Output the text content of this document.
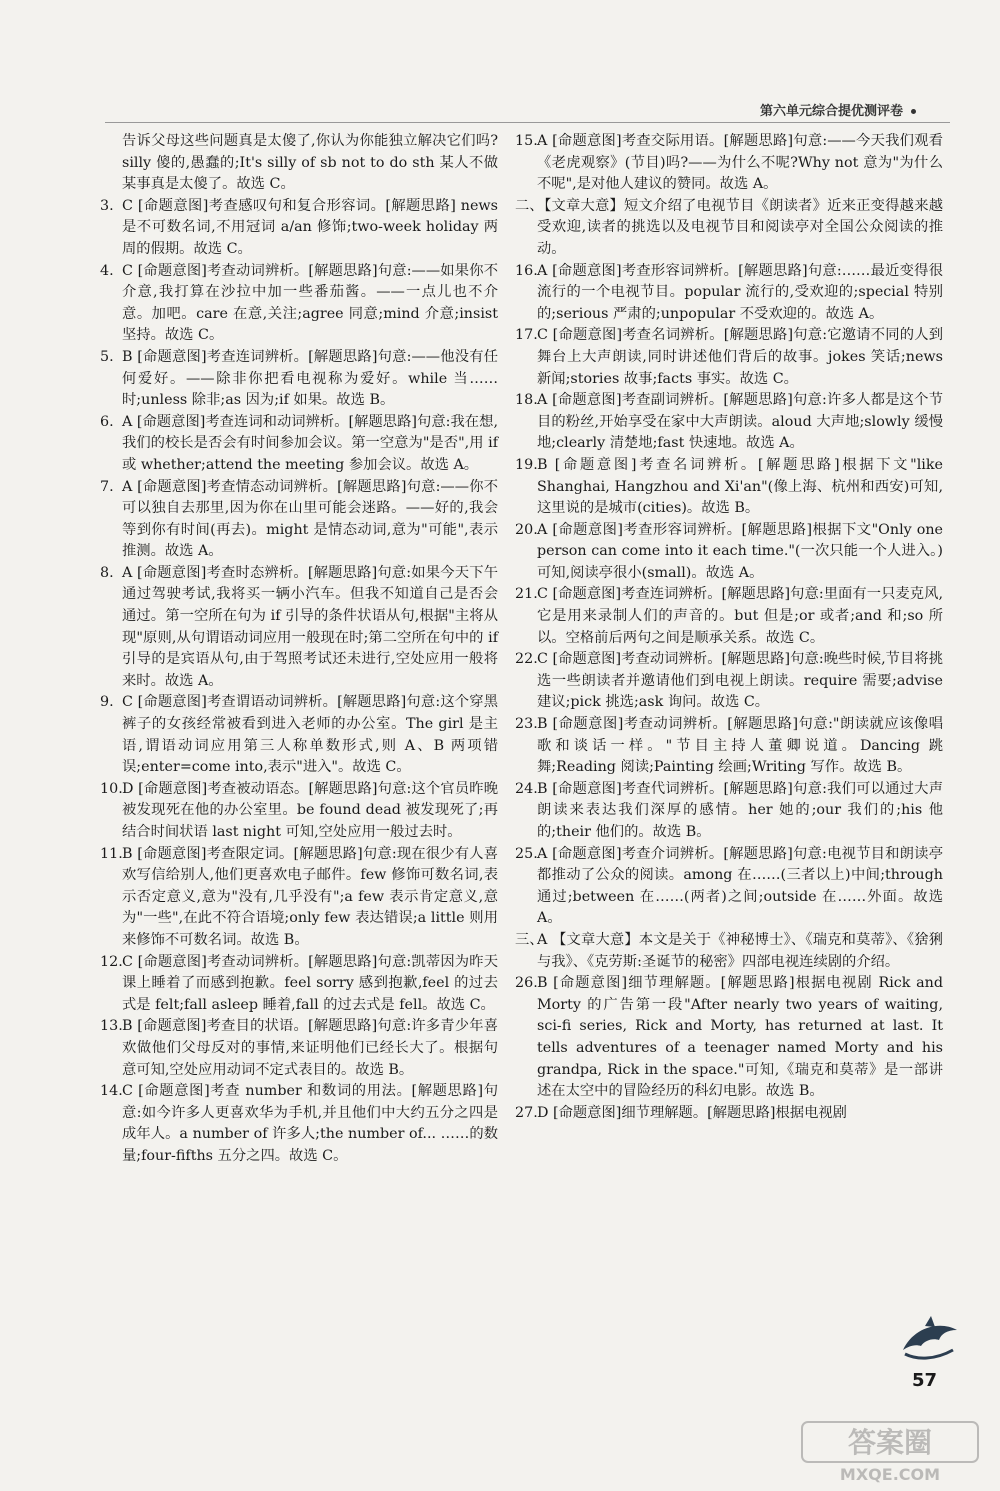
第六单元综合提优测评卷
告诉父母这些问题真是太傻了,你认为你能独立解决它们吗?silly 傻的,愚蠢的;It's silly of sb not to do sth 某人不做某事真是太傻了。故选 C。
3. C [命题意图]考查感叹句和复合形容词。[解题思路] news 是不可数名词,不用冠词 a/an 修饰;two-week holiday 两周的假期。故选 C。
4. C [命题意图]考查动词辨析。[解题思路]句意:——如果你不介意,我打算在沙拉中加一些番茄酱。——一点儿也不介意。加吧。care 在意,关注;agree 同意;mind 介意;insist 坚持。故选 C。
5. B [命题意图]考查连词辨析。[解题思路]句意:——他没有任何爱好。——除非你把看电视称为爱好。while 当……时;unless 除非;as 因为;if 如果。故选 B。
6. A [命题意图]考查连词和动词辨析。[解题思路]句意:我在想,我们的校长是否会有时间参加会议。第一空意为"是否",用 if 或 whether;attend the meeting 参加会议。故选 A。
7. A [命题意图]考查情态动词辨析。[解题思路]句意:——你不可以独自去那里,因为你在山里可能会迷路。——好的,我会等到你有时间(再去)。might 是情态动词,意为"可能",表示推测。故选 A。
8. A [命题意图]考查时态辨析。[解题思路]句意:如果今天下午通过驾驶考试,我将买一辆小汽车。但我不知道自己是否会通过。第一空所在句为 if 引导的条件状语从句,根据"主将从现"原则,从句谓语动词应用一般现在时;第二空所在句中的 if 引导的是宾语从句,由于驾照考试还未进行,空处应用一般将来时。故选 A。
9. C [命题意图]考查谓语动词辨析。[解题思路]句意:这个穿黑裤子的女孩经常被看到进入老师的办公室。The girl 是主语,谓语动词应用第三人称单数形式,则 A、B 两项错误;enter=come into,表示"进入"。故选 C。
10. D [命题意图]考查被动语态。[解题思路]句意:这个官员昨晚被发现死在他的办公室里。be found dead 被发现死了;再结合时间状语 last night 可知,空处应用一般过去时。
11. B [命题意图]考查限定词。[解题思路]句意:现在很少有人喜欢写信给别人,他们更喜欢电子邮件。few 修饰可数名词,表示否定意义,意为"没有,几乎没有";a few 表示肯定意义,意为"一些",在此不符合语境;only few 表达错误;a little 则用来修饰不可数名词。故选 B。
12. C [命题意图]考查动词辨析。[解题思路]句意:凯蒂因为昨天课上睡着了而感到抱歉。feel sorry 感到抱歉,feel 的过去式是 felt;fall asleep 睡着,fall 的过去式是 fell。故选 C。
13. B [命题意图]考查目的状语。[解题思路]句意:许多青少年喜欢做他们父母反对的事情,来证明他们已经长大了。根据句意可知,空处应用动词不定式表目的。故选 B。
14. C [命题意图]考查 number 和数词的用法。[解题思路]句意:如今许多人更喜欢华为手机,并且他们中大约五分之四是成年人。a number of 许多人;the number of... ……的数量;four-fifths 五分之四。故选 C。
15. A [命题意图]考查交际用语。[解题思路]句意:——今天我们观看《老虎观察》(节目)吗?——为什么不呢?Why not 意为"为什么不呢",是对他人建议的赞同。故选 A。
二、
【文章大意】短文介绍了电视节目《朗读者》近来正变得越来越受欢迎,读者的挑选以及电视节目和阅读亭对全国公众阅读的推动。
16. A [命题意图]考查形容词辨析。[解题思路]句意:……最近变得很流行的一个电视节目。popular 流行的,受欢迎的;special 特别的;serious 严肃的;unpopular 不受欢迎的。故选 A。
17. C [命题意图]考查名词辨析。[解题思路]句意:它邀请不同的人到舞台上大声朗读,同时讲述他们背后的故事。jokes 笑话;news 新闻;stories 故事;facts 事实。故选 C。
18. A [命题意图]考查副词辨析。[解题思路]句意:许多人都是这个节目的粉丝,开始享受在家中大声朗读。aloud 大声地;slowly 缓慢地;clearly 清楚地;fast 快速地。故选 A。
19. B [命题意图]考查名词辨析。[解题思路]根据下文"like Shanghai, Hangzhou and Xi'an"(像上海、杭州和西安)可知,这里说的是城市(cities)。故选 B。
20. A [命题意图]考查形容词辨析。[解题思路]根据下文"Only one person can come into it each time."(一次只能一个人进入。)可知,阅读亭很小(small)。故选 A。
21. C [命题意图]考查连词辨析。[解题思路]句意:里面有一只麦克风,它是用来录制人们的声音的。but 但是;or 或者;and 和;so 所以。空格前后两句之间是顺承关系。故选 C。
22. C [命题意图]考查动词辨析。[解题思路]句意:晚些时候,节目将挑选一些朗读者并邀请他们到电视上朗读。require 需要;advise 建议;pick 挑选;ask 询问。故选 C。
23. B [命题意图]考查动词辨析。[解题思路]句意:"朗读就应该像唱歌和谈话一样。"节目主持人董卿说道。Dancing 跳舞;Reading 阅读;Painting 绘画;Writing 写作。故选 B。
24. B [命题意图]考查代词辨析。[解题思路]句意:我们可以通过大声朗读来表达我们深厚的感情。her 她的;our 我们的;his 他的;their 他们的。故选 B。
25. A [命题意图]考查介词辨析。[解题思路]句意:电视节目和朗读亭都推动了公众的阅读。among 在……(三者以上)中间;through 通过;between 在……(两者)之间;outside 在……外面。故选 A。
三、
A 【文章大意】本文是关于《神秘博士》、《瑞克和莫蒂》、《猞猁与我》、《克劳斯:圣诞节的秘密》四部电视连续剧的介绍。
26. B [命题意图]细节理解题。[解题思路]根据电视剧 Rick and Morty 的广告第一段"After nearly two years of waiting, sci-fi series, Rick and Morty, has returned at last. It tells adventures of a teenager named Morty and his grandpa, Rick in the space."可知,《瑞克和莫蒂》是一部讲述在太空中的冒险经历的科幻电影。故选 B。
27. D [命题意图]细节理解题。[解题思路]根据电视剧
57
答案圈
MXQE.COM
